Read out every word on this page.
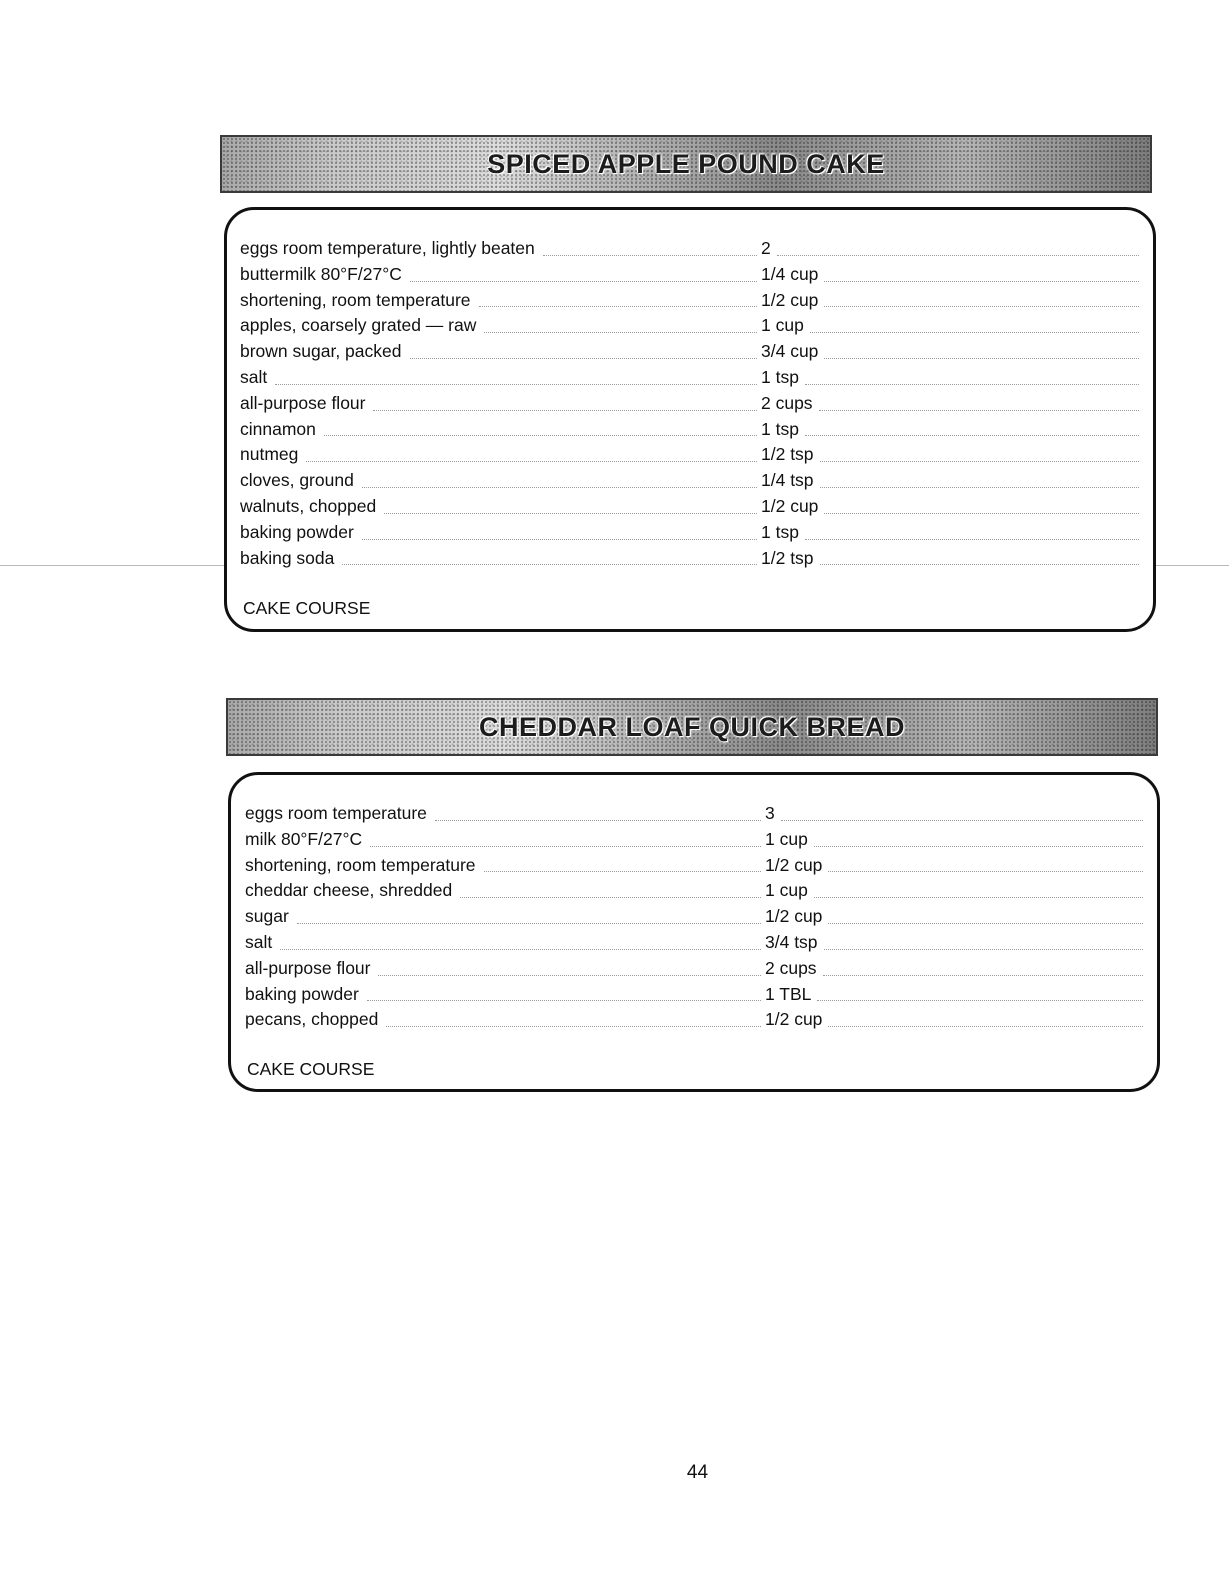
SPICED APPLE POUND CAKE
eggs room temperature, lightly beaten	2
buttermilk 80°F/27°C	1/4 cup
shortening, room temperature	1/2 cup
apples, coarsely grated — raw	1 cup
brown sugar, packed	3/4 cup
salt	1 tsp
all-purpose flour	2 cups
cinnamon	1 tsp
nutmeg	1/2 tsp
cloves, ground	1/4 tsp
walnuts, chopped	1/2 cup
baking powder	1 tsp
baking soda	1/2 tsp
CAKE COURSE
CHEDDAR LOAF QUICK BREAD
eggs room temperature	3
milk 80°F/27°C	1 cup
shortening, room temperature	1/2 cup
cheddar cheese, shredded	1 cup
sugar	1/2 cup
salt	3/4 tsp
all-purpose flour	2 cups
baking powder	1 TBL
pecans, chopped	1/2 cup
CAKE COURSE
44
